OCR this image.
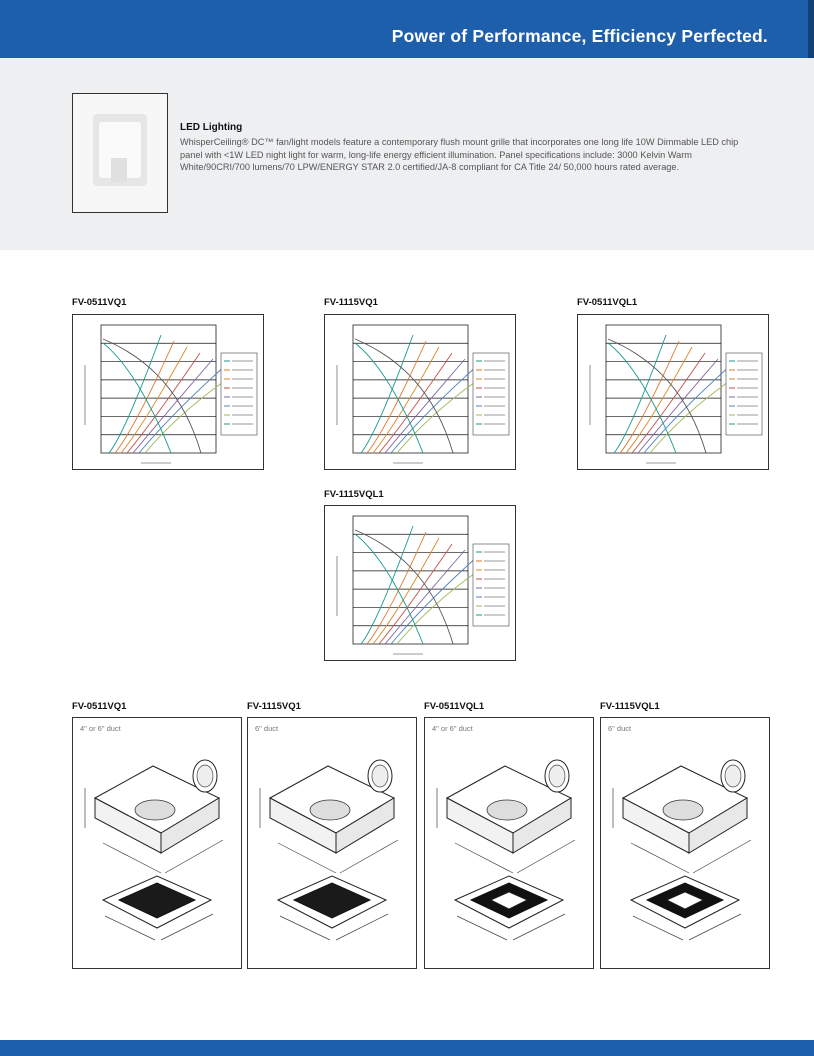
Power of Performance, Efficiency Perfected.
LED Lighting
WhisperCeiling® DC™ fan/light models feature a contemporary flush mount grille that incorporates one long life 10W Dimmable LED chip panel with <1W LED night light for warm, long-life energy efficient illumination. Panel specifications include: 3000 Kelvin Warm White/90CRI/700 lumens/70 LPW/ENERGY STAR 2.0 certified/JA-8 compliant for CA Title 24/ 50,000 hours rated average.
FV-0511VQ1	FV-1115VQ1	FV-0511VQL1
FV-1115VQL1
FV-0511VQ1
4" or 6" duct
FV-1115VQ1
6" duct
FV-0511VQL1
4" or 6" duct
FV-1115VQL1
6" duct
